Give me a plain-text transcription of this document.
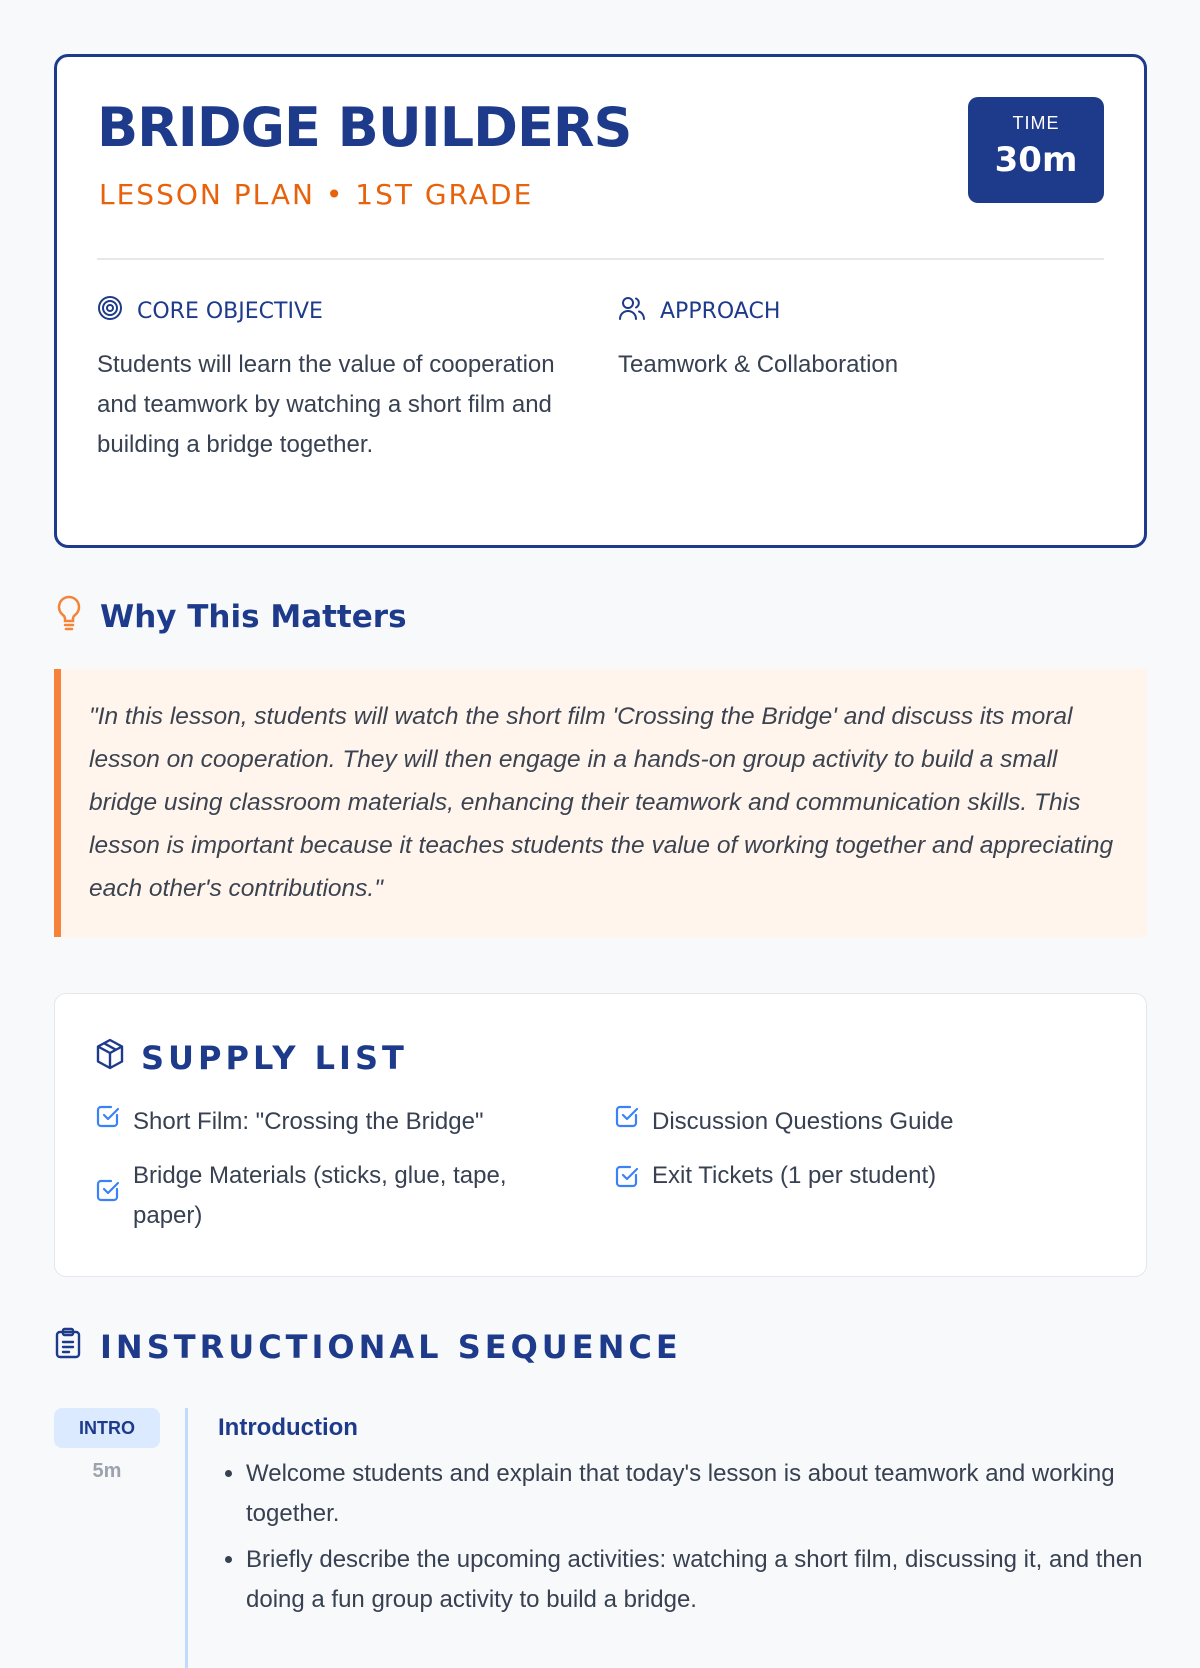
BRIDGE BUILDERS
LESSON PLAN • 1ST GRADE
TIME
30m
CORE OBJECTIVE
Students will learn the value of cooperation and teamwork by watching a short film and building a bridge together.
APPROACH
Teamwork & Collaboration
Why This Matters
"In this lesson, students will watch the short film 'Crossing the Bridge' and discuss its moral lesson on cooperation. They will then engage in a hands-on group activity to build a small bridge using classroom materials, enhancing their teamwork and communication skills. This lesson is important because it teaches students the value of working together and appreciating each other's contributions."
SUPPLY LIST
Short Film: "Crossing the Bridge"	Discussion Questions Guide
Bridge Materials (sticks, glue, tape, paper)
Exit Tickets (1 per student)
INSTRUCTIONAL SEQUENCE
INTRO
5m
Introduction
• Welcome students and explain that today's lesson is about teamwork and working together.
• Briefly describe the upcoming activities: watching a short film, discussing it, and then doing a fun group activity to build a bridge.
